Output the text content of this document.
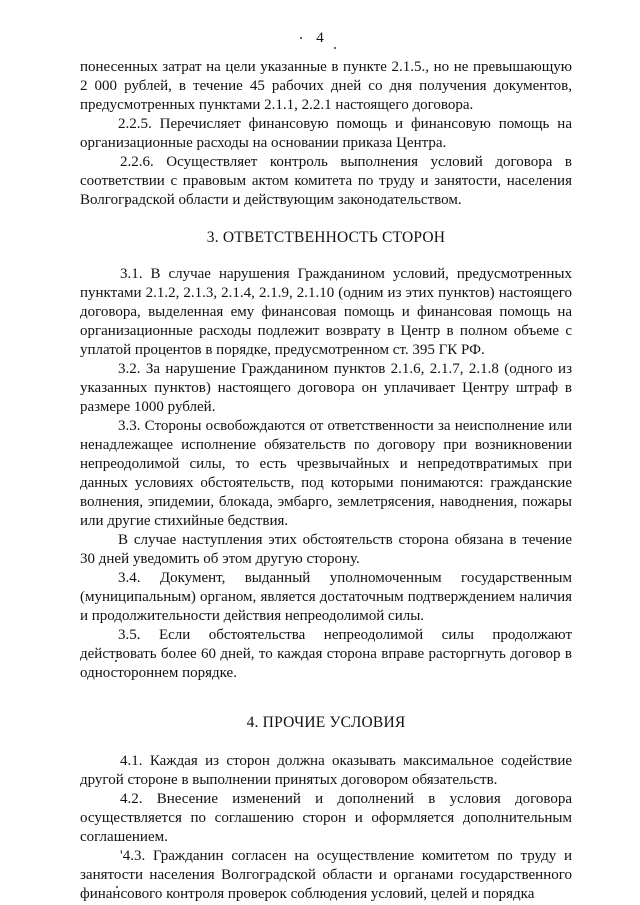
4

понесенных затрат на цели указанные в пункте 2.1.5., но не превышающую 2 000 рублей, в течение 45 рабочих дней со дня получения документов, предусмотренных пунктами 2.1.1, 2.2.1 настоящего договора.

2.2.5. Перечисляет финансовую помощь и финансовую помощь на организационные расходы на основании приказа Центра.

2.2.6. Осуществляет контроль выполнения условий договора в соответствии с правовым актом комитета по труду и занятости, населения Волгоградской области и действующим законодательством.

3. ОТВЕТСТВЕННОСТЬ СТОРОН

3.1. В случае нарушения Гражданином условий, предусмотренных пунктами 2.1.2, 2.1.3, 2.1.4, 2.1.9, 2.1.10 (одним из этих пунктов) настоящего договора, выделенная ему финансовая помощь и финансовая помощь на организационные расходы подлежит возврату в Центр в полном объеме с уплатой процентов в порядке, предусмотренном ст. 395 ГК РФ.

3.2. За нарушение Гражданином пунктов 2.1.6, 2.1.7, 2.1.8 (одного из указанных пунктов) настоящего договора он уплачивает Центру штраф в размере 1000 рублей.

3.3. Стороны освобождаются от ответственности за неисполнение или ненадлежащее исполнение обязательств по договору при возникновении непреодолимой силы, то есть чрезвычайных и непредотвратимых при данных условиях обстоятельств, под которыми понимаются: гражданские волнения, эпидемии, блокада, эмбарго, землетрясения, наводнения, пожары или другие стихийные бедствия.

В случае наступления этих обстоятельств сторона обязана в течение 30 дней уведомить об этом другую сторону.

3.4. Документ, выданный уполномоченным государственным (муниципальным) органом, является достаточным подтверждением наличия и продолжительности действия непреодолимой силы.

3.5. Если обстоятельства непреодолимой силы продолжают действовать более 60 дней, то каждая сторона вправе расторгнуть договор в одностороннем порядке.

4. ПРОЧИЕ УСЛОВИЯ

4.1. Каждая из сторон должна оказывать максимальное содействие другой стороне в выполнении принятых договором обязательств.

4.2. Внесение изменений и дополнений в условия договора осуществляется по соглашению сторон и оформляется дополнительным соглашением.

'4.3. Гражданин согласен на осуществление комитетом по труду и занятости населения Волгоградской области и органами государственного финансового контроля проверок соблюдения условий, целей и порядка
